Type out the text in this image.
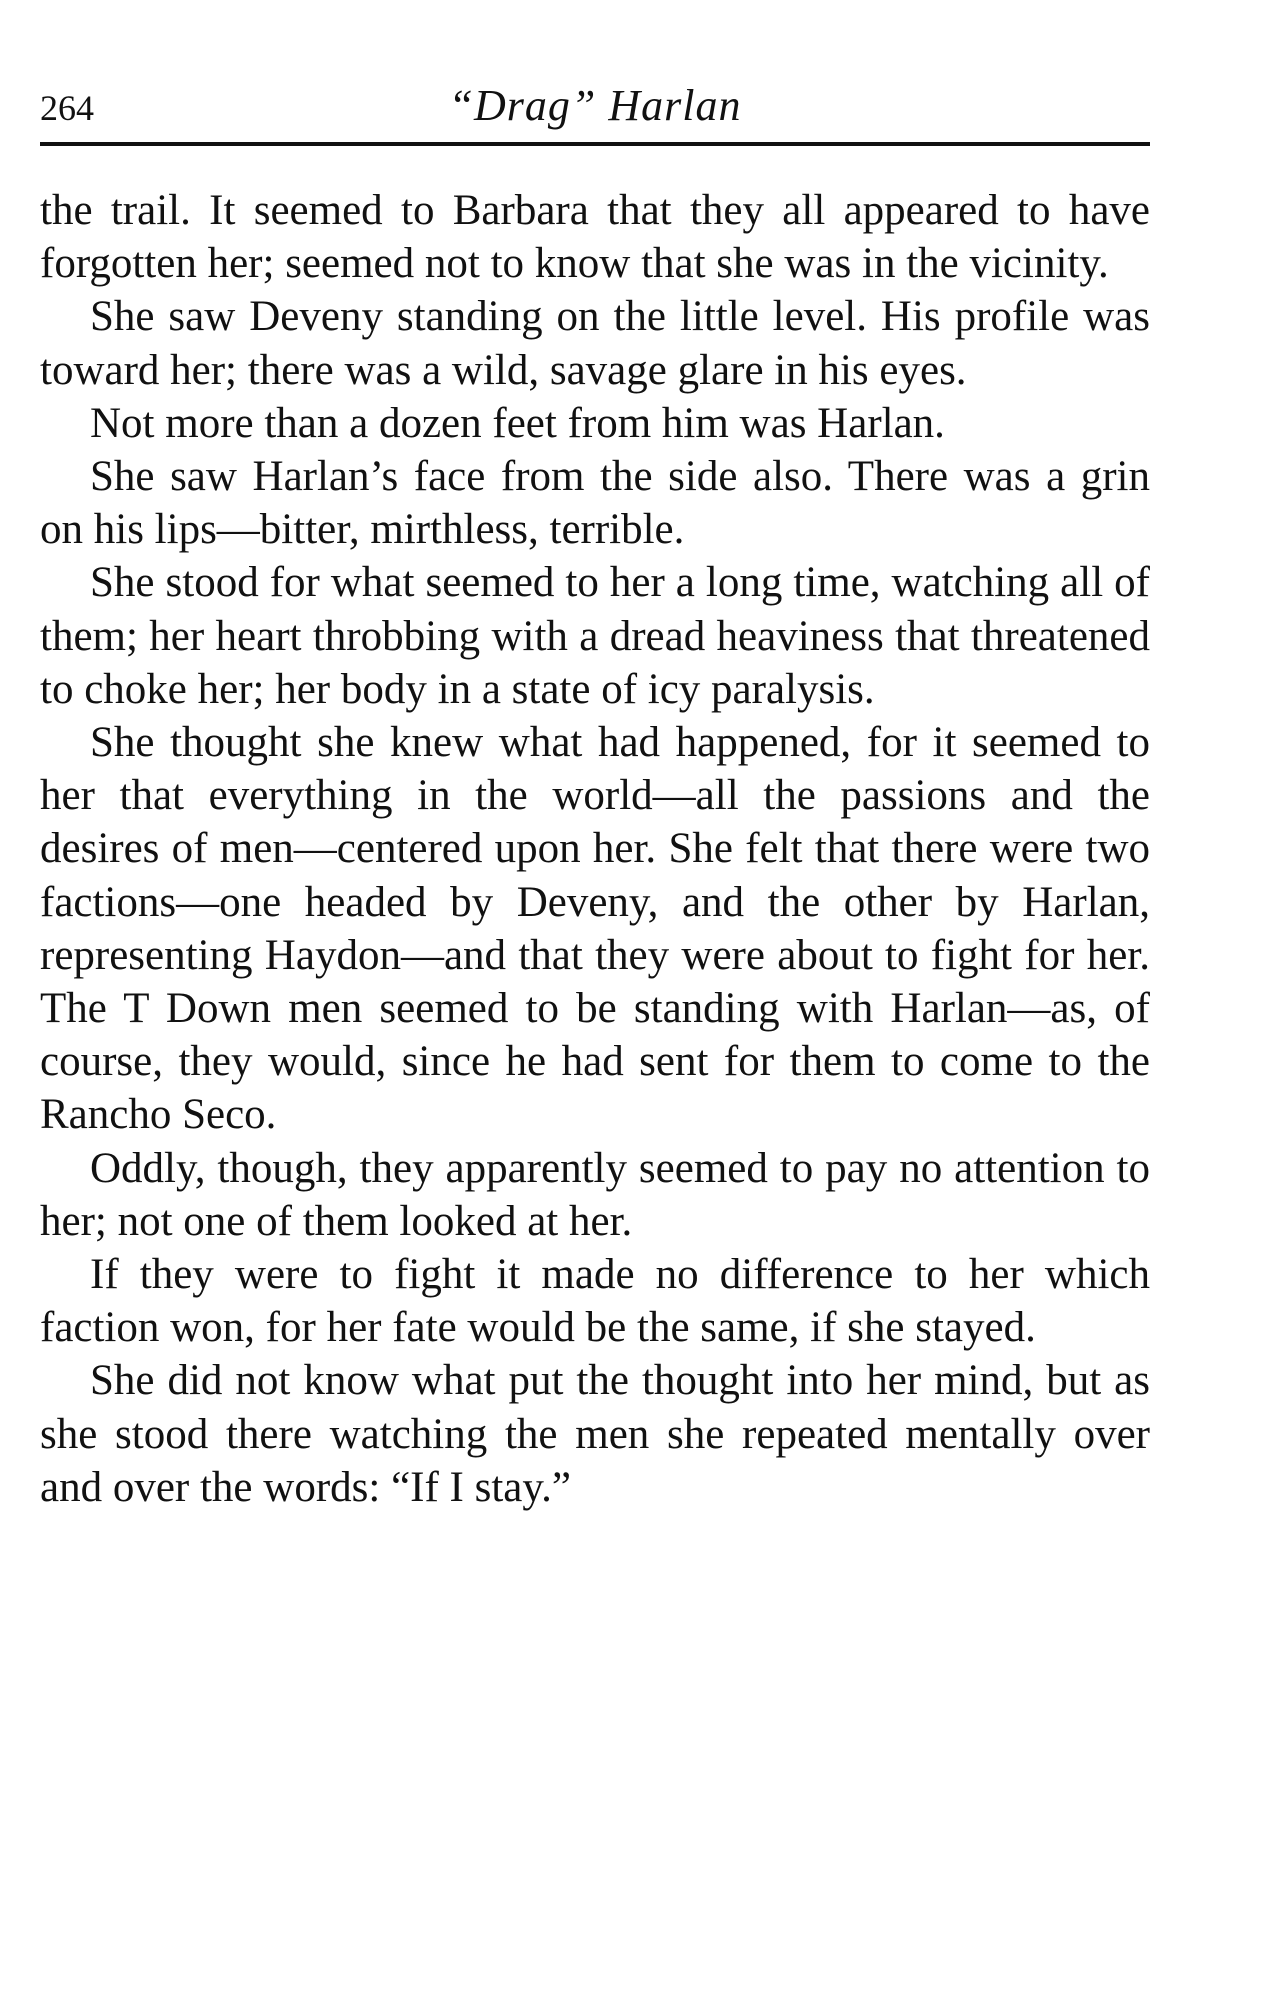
264	“Drag” Harlan

the trail. It seemed to Barbara that they all appeared to have forgotten her; seemed not to know that she was in the vicinity.

She saw Deveny standing on the little level. His profile was toward her; there was a wild, savage glare in his eyes.

Not more than a dozen feet from him was Harlan.

She saw Harlan’s face from the side also. There was a grin on his lips—bitter, mirthless, terrible.

She stood for what seemed to her a long time, watching all of them; her heart throbbing with a dread heaviness that threatened to choke her; her body in a state of icy paralysis.

She thought she knew what had happened, for it seemed to her that everything in the world—all the passions and the desires of men—centered upon her. She felt that there were two factions—one headed by Deveny, and the other by Harlan, representing Haydon—and that they were about to fight for her. The T Down men seemed to be standing with Harlan—as, of course, they would, since he had sent for them to come to the Rancho Seco.

Oddly, though, they apparently seemed to pay no attention to her; not one of them looked at her.

If they were to fight it made no difference to her which faction won, for her fate would be the same, if she stayed.

She did not know what put the thought into her mind, but as she stood there watching the men she repeated mentally over and over the words: “If I stay.”
